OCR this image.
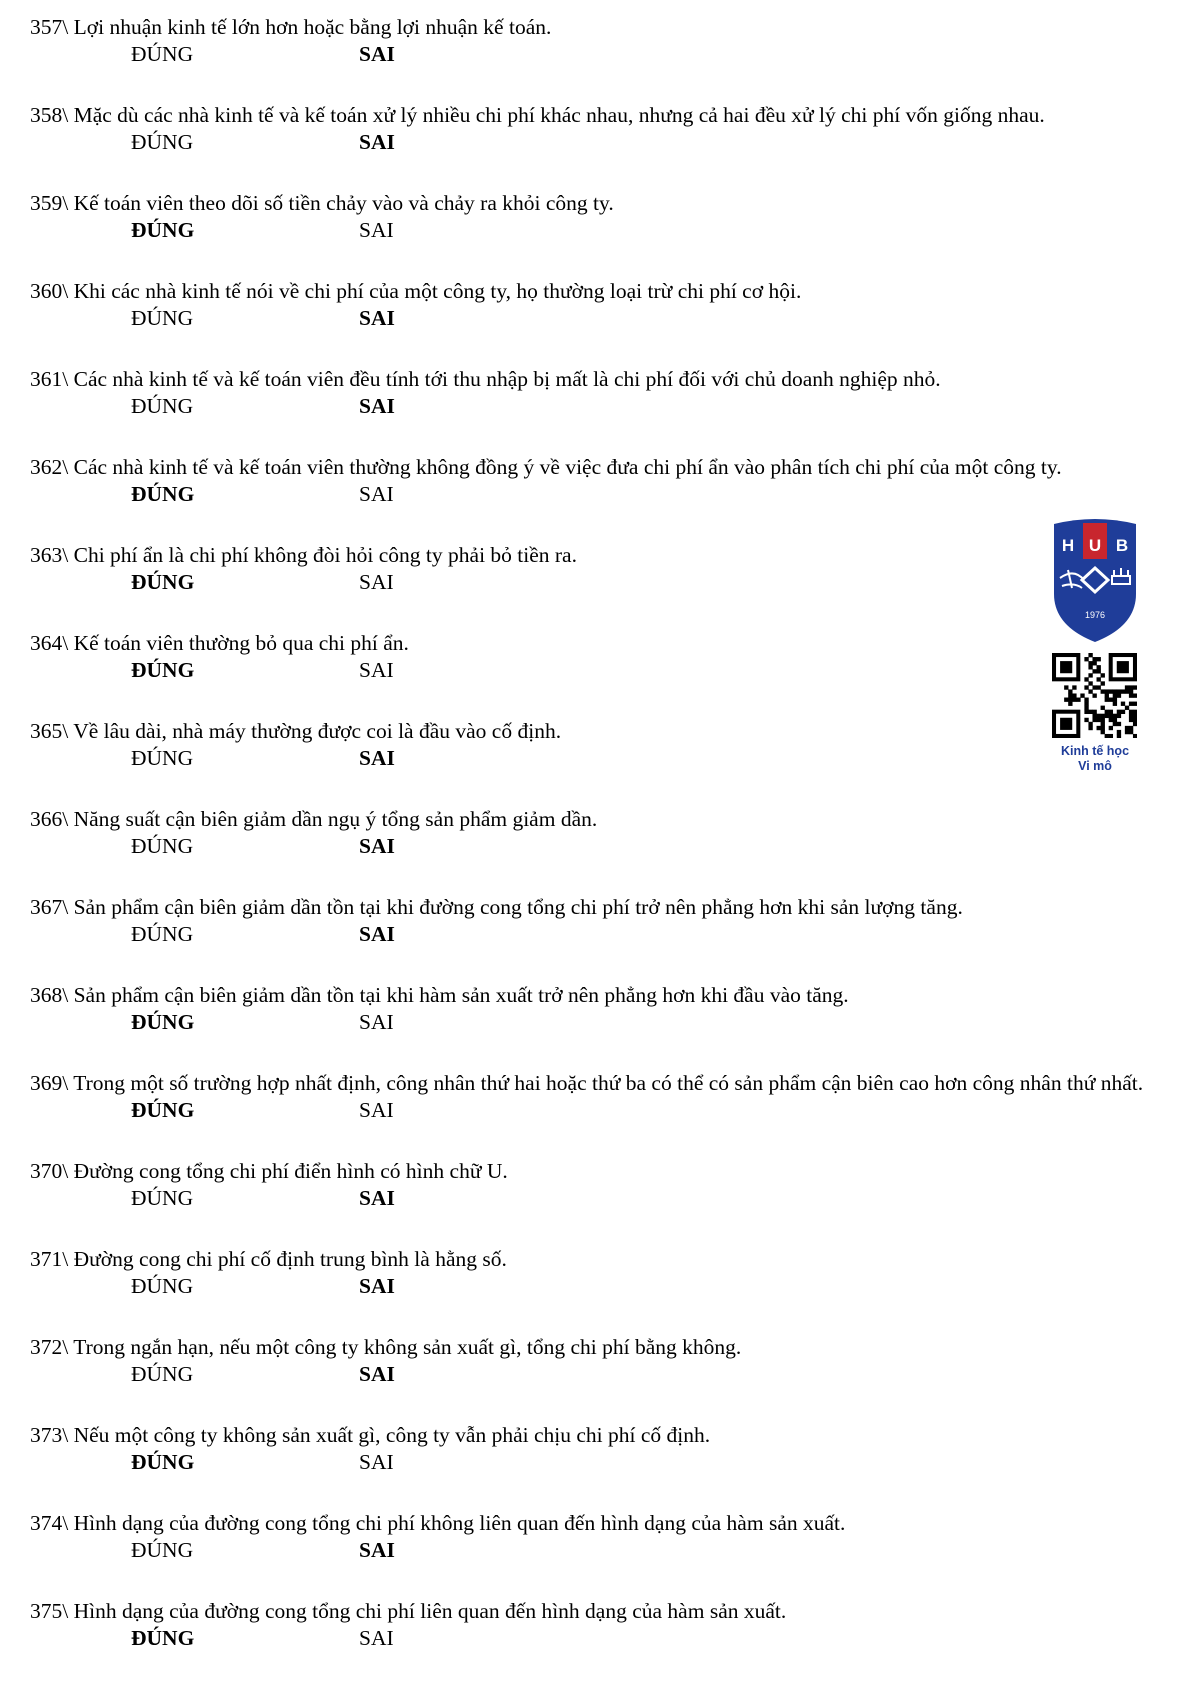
357\ Lợi nhuận kinh tế lớn hơn hoặc bằng lợi nhuận kế toán.
ĐÚNG	SAI
358\ Mặc dù các nhà kinh tế và kế toán xử lý nhiều chi phí khác nhau, nhưng cả hai đều xử lý chi phí vốn giống nhau.
ĐÚNG	SAI
359\ Kế toán viên theo dõi số tiền chảy vào và chảy ra khỏi công ty.
ĐÚNG	SAI
360\ Khi các nhà kinh tế nói về chi phí của một công ty, họ thường loại trừ chi phí cơ hội.
ĐÚNG	SAI
361\ Các nhà kinh tế và kế toán viên đều tính tới thu nhập bị mất là chi phí đối với chủ doanh nghiệp nhỏ.
ĐÚNG	SAI
362\ Các nhà kinh tế và kế toán viên thường không đồng ý về việc đưa chi phí ẩn vào phân tích chi phí của một công ty.
ĐÚNG	SAI
363\ Chi phí ẩn là chi phí không đòi hỏi công ty phải bỏ tiền ra.
ĐÚNG	SAI
364\ Kế toán viên thường bỏ qua chi phí ẩn.
ĐÚNG	SAI
365\ Về lâu dài, nhà máy thường được coi là đầu vào cố định.
ĐÚNG	SAI
366\ Năng suất cận biên giảm dần ngụ ý tổng sản phẩm giảm dần.
ĐÚNG	SAI
367\ Sản phẩm cận biên giảm dần tồn tại khi đường cong tổng chi phí trở nên phẳng hơn khi sản lượng tăng.
ĐÚNG	SAI
368\ Sản phẩm cận biên giảm dần tồn tại khi hàm sản xuất trở nên phẳng hơn khi đầu vào tăng.
ĐÚNG	SAI
369\ Trong một số trường hợp nhất định, công nhân thứ hai hoặc thứ ba có thể có sản phẩm cận biên cao hơn công nhân thứ nhất.
ĐÚNG	SAI
370\ Đường cong tổng chi phí điển hình có hình chữ U.
ĐÚNG	SAI
371\ Đường cong chi phí cố định trung bình là hằng số.
ĐÚNG	SAI
372\ Trong ngắn hạn, nếu một công ty không sản xuất gì, tổng chi phí bằng không.
ĐÚNG	SAI
373\ Nếu một công ty không sản xuất gì, công ty vẫn phải chịu chi phí cố định.
ĐÚNG	SAI
374\ Hình dạng của đường cong tổng chi phí không liên quan đến hình dạng của hàm sản xuất.
ĐÚNG	SAI
375\ Hình dạng của đường cong tổng chi phí liên quan đến hình dạng của hàm sản xuất.
ĐÚNG	SAI
H U B
1976
Kinh tế học
Vi mô
